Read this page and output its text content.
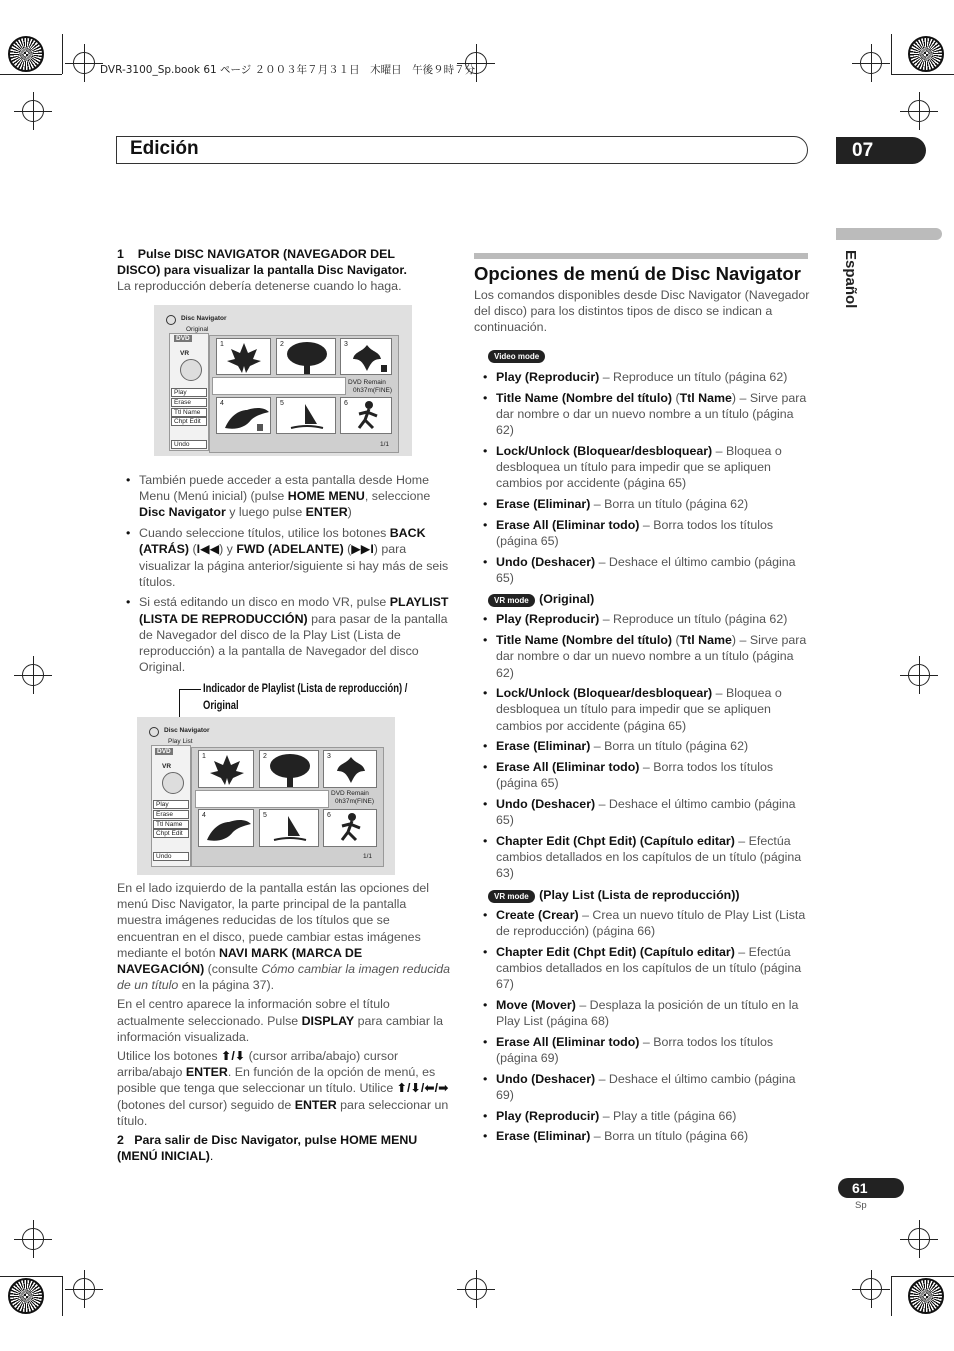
DVR-3100_Sp.book 61 ページ ２００３年７月３１日　木曜日　午後９時７分
Edición	07
Español
1 Pulse DISC NAVIGATOR (NAVEGADOR DEL DISCO) para visualizar la pantalla Disc Navigator.
La reproducción debería detenerse cuando lo haga.
Disc Navigator
Original
DVD
VR
Play
Erase
Ttl Name
Chpt Edit
Undo
1	2	3
DVD Remain
0h37m(FINE)
4	5	6
1/1
• También puede acceder a esta pantalla desde Home Menu (Menú inicial) (pulse HOME MENU, seleccione Disc Navigator y luego pulse ENTER)
• Cuando seleccione títulos, utilice los botones BACK (ATRÁS) (I◀◀) y FWD (ADELANTE) (▶▶I) para visualizar la página anterior/siguiente si hay más de seis títulos.
• Si está editando un disco en modo VR, pulse PLAYLIST (LISTA DE REPRODUCCIÓN) para pasar de la pantalla de Navegador del disco de la Play List (Lista de reproducción) a la pantalla de Navegador del disco Original.
Indicador de Playlist (Lista de reproducción) /
Original
Disc Navigator
Play List
DVD
VR
Play
Erase
Ttl Name
Chpt Edit
Undo
1	2	3
DVD Remain
0h37m(FINE)
4	5	6
1/1

En el lado izquierdo de la pantalla están las opciones del menú Disc Navigator, la parte principal de la pantalla muestra imágenes reducidas de los títulos que se encuentran en el disco, puede cambiar estas imágenes mediante el botón NAVI MARK (MARCA DE NAVEGACIÓN) (consulte Cómo cambiar la imagen reducida de un título en la página 37).

En el centro aparece la información sobre el título actualmente seleccionado. Pulse DISPLAY para cambiar la información visualizada.

Utilice los botones ⬆/⬇ (cursor arriba/abajo) cursor arriba/abajo ENTER. En función de la opción de menú, es posible que tenga que seleccionar un título. Utilice ⬆/⬇/⬅/➡ (botones del cursor) seguido de ENTER para seleccionar un título.

2 Para salir de Disc Navigator, pulse HOME MENU (MENÚ INICIAL).

Opciones de menú de Disc Navigator
Los comandos disponibles desde Disc Navigator (Navegador del disco) para los distintos tipos de disco se indican a continuación.
Video mode
• Play (Reproducir) – Reproduce un título (página 62)
• Title Name (Nombre del título) (Ttl Name) – Sirve para dar nombre o dar un nuevo nombre a un título (página 62)
• Lock/Unlock (Bloquear/desbloquear) – Bloquea o desbloquea un título para impedir que se apliquen cambios por accidente (página 65)
• Erase (Eliminar) – Borra un título (página 62)
• Erase All (Eliminar todo) – Borra todos los títulos (página 65)
• Undo (Deshacer) – Deshace el último cambio (página 65)
VR mode (Original)
• Play (Reproducir) – Reproduce un título (página 62)
• Title Name (Nombre del título) (Ttl Name) – Sirve para dar nombre o dar un nuevo nombre a un título (página 62)
• Lock/Unlock (Bloquear/desbloquear) – Bloquea o desbloquea un título para impedir que se apliquen cambios por accidente (página 65)
• Erase (Eliminar) – Borra un título (página 62)
• Erase All (Eliminar todo) – Borra todos los títulos (página 65)
• Undo (Deshacer) – Deshace el último cambio (página 65)
• Chapter Edit (Chpt Edit) (Capítulo editar) – Efectúa cambios detallados en los capítulos de un título (página 63)
VR mode (Play List (Lista de reproducción))
• Create (Crear) – Crea un nuevo título de Play List (Lista de reproducción) (página 66)
• Chapter Edit (Chpt Edit) (Capítulo editar) – Efectúa cambios detallados en los capítulos de un título (página 67)
• Move (Mover) – Desplaza la posición de un título en la Play List (página 68)
• Erase All (Eliminar todo) – Borra todos los títulos (página 69)
• Undo (Deshacer) – Deshace el último cambio (página 69)
• Play (Reproducir) – Play a title (página 66)
• Erase (Eliminar) – Borra un título (página 66)
61
Sp
